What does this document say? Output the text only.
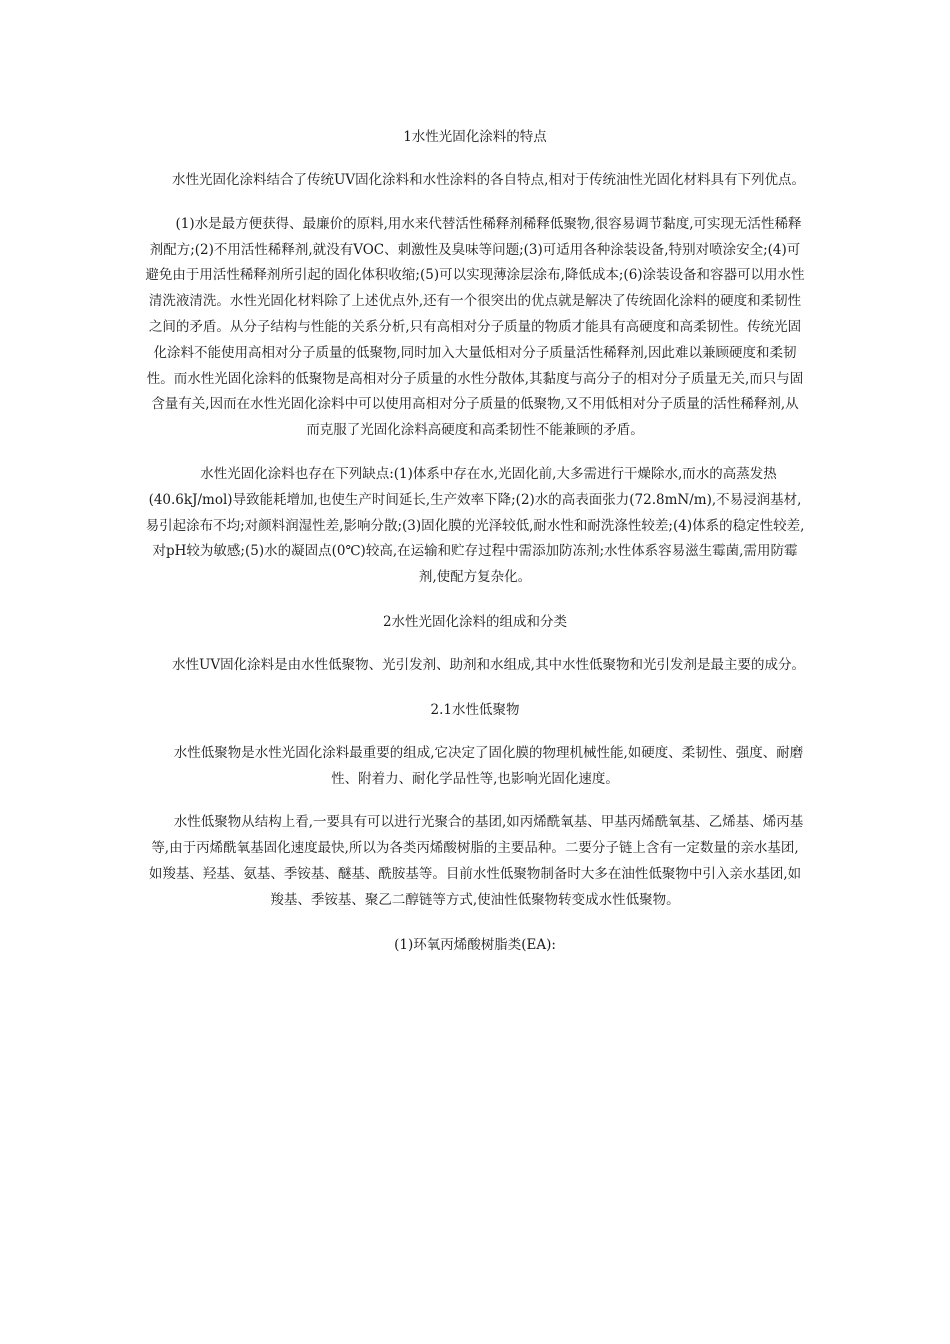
1水性光固化涂料的特点

水性光固化涂料结合了传统UV固化涂料和水性涂料的各自特点,相对于传统油性光固化材料具有下列优点。

(1)水是最方便获得、最廉价的原料,用水来代替活性稀释剂稀释低聚物,很容易调节黏度,可实现无活性稀释剂配方;(2)不用活性稀释剂,就没有VOC、刺激性及臭味等问题;(3)可适用各种涂装设备,特别对喷涂安全;(4)可避免由于用活性稀释剂所引起的固化体积收缩;(5)可以实现薄涂层涂布,降低成本;(6)涂装设备和容器可以用水性清洗液清洗。水性光固化材料除了上述优点外,还有一个很突出的优点就是解决了传统固化涂料的硬度和柔韧性之间的矛盾。从分子结构与性能的关系分析,只有高相对分子质量的物质才能具有高硬度和高柔韧性。传统光固化涂料不能使用高相对分子质量的低聚物,同时加入大量低相对分子质量活性稀释剂,因此难以兼顾硬度和柔韧性。而水性光固化涂料的低聚物是高相对分子质量的水性分散体,其黏度与高分子的相对分子质量无关,而只与固含量有关,因而在水性光固化涂料中可以使用高相对分子质量的低聚物,又不用低相对分子质量的活性稀释剂,从而克服了光固化涂料高硬度和高柔韧性不能兼顾的矛盾。

水性光固化涂料也存在下列缺点:(1)体系中存在水,光固化前,大多需进行干燥除水,而水的高蒸发热(40.6kJ/mol)导致能耗增加,也使生产时间延长,生产效率下降;(2)水的高表面张力(72.8mN/m),不易浸润基材,易引起涂布不均;对颜料润湿性差,影响分散;(3)固化膜的光泽较低,耐水性和耐洗涤性较差;(4)体系的稳定性较差,对pH较为敏感;(5)水的凝固点(0℃)较高,在运输和贮存过程中需添加防冻剂;水性体系容易滋生霉菌,需用防霉剂,使配方复杂化。

2水性光固化涂料的组成和分类

水性UV固化涂料是由水性低聚物、光引发剂、助剂和水组成,其中水性低聚物和光引发剂是最主要的成分。

2.1水性低聚物

水性低聚物是水性光固化涂料最重要的组成,它决定了固化膜的物理机械性能,如硬度、柔韧性、强度、耐磨性、附着力、耐化学品性等,也影响光固化速度。

水性低聚物从结构上看,一要具有可以进行光聚合的基团,如丙烯酰氧基、甲基丙烯酰氧基、乙烯基、烯丙基等,由于丙烯酰氧基固化速度最快,所以为各类丙烯酸树脂的主要品种。二要分子链上含有一定数量的亲水基团,如羧基、羟基、氨基、季铵基、醚基、酰胺基等。目前水性低聚物制备时大多在油性低聚物中引入亲水基团,如羧基、季铵基、聚乙二醇链等方式,使油性低聚物转变成水性低聚物。

(1)环氧丙烯酸树脂类(EA):
